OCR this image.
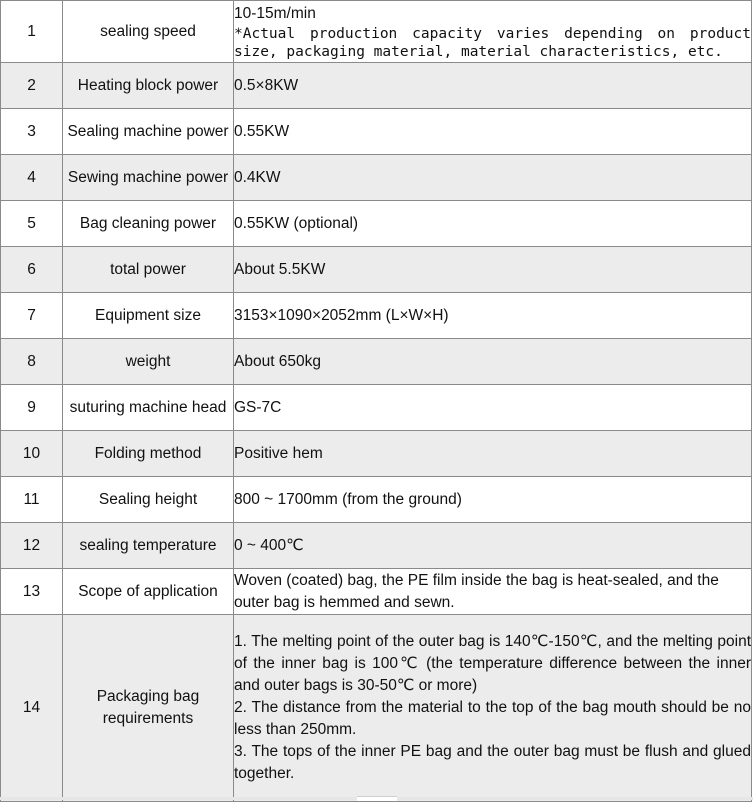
1	sealing speed	10-15m/min
*Actual production capacity varies depending on product size, packaging material, material characteristics, etc.

2	Heating block power	0.5×8KW
3	Sealing machine power	0.55KW
4	Sewing machine power	0.4KW
5	Bag cleaning power	0.55KW (optional)
6	total power	About 5.5KW
7	Equipment size	3153×1090×2052mm (L×W×H)
8	weight	About 650kg
9	suturing machine head	GS-7C
10	Folding method	Positive hem
11	Sealing height	800 ~ 1700mm (from the ground)
12	sealing temperature	0 ~ 400℃
13	Scope of application	Woven (coated) bag, the PE film inside the bag is heat-sealed, and the outer bag is hemmed and sewn.
14	Packaging bag requirements	1. The melting point of the outer bag is 140℃-150℃, and the melting point of the inner bag is 100℃ (the temperature difference between the inner and outer bags is 30-50℃ or more)
2. The distance from the material to the top of the bag mouth should be no less than 250mm.
3. The tops of the inner PE bag and the outer bag must be flush and glued together.
